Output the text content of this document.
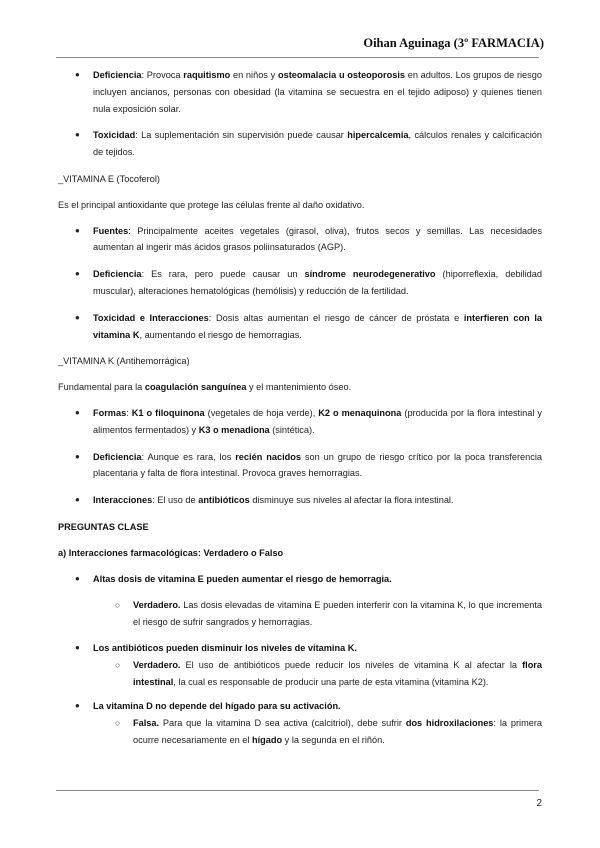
Oihan Aguinaga (3º FARMACIA)
● Deficiencia: Provoca raquitismo en niños y osteomalacia u osteoporosis en adultos. Los grupos de riesgo incluyen ancianos, personas con obesidad (la vitamina se secuestra en el tejido adiposo) y quienes tienen nula exposición solar.
● Toxicidad: La suplementación sin supervisión puede causar hipercalcemia, cálculos renales y calcificación de tejidos.

_VITAMINA E (Tocoferol)

Es el principal antioxidante que protege las células frente al daño oxidativo.

● Fuentes: Principalmente aceites vegetales (girasol, oliva), frutos secos y semillas. Las necesidades aumentan al ingerir más ácidos grasos poliinsaturados (AGP).
● Deficiencia: Es rara, pero puede causar un síndrome neurodegenerativo (hiporreflexia, debilidad muscular), alteraciones hematológicas (hemólisis) y reducción de la fertilidad.
● Toxicidad e Interacciones: Dosis altas aumentan el riesgo de cáncer de próstata e interfieren con la vitamina K, aumentando el riesgo de hemorragias.

_VITAMINA K (Antihemorrágica)

Fundamental para la coagulación sanguínea y el mantenimiento óseo.

● Formas: K1 o filoquinona (vegetales de hoja verde), K2 o menaquinona (producida por la flora intestinal y alimentos fermentados) y K3 o menadiona (sintética).
● Deficiencia: Aunque es rara, los recién nacidos son un grupo de riesgo crítico por la poca transferencia placentaria y falta de flora intestinal. Provoca graves hemorragias.
● Interacciones: El uso de antibióticos disminuye sus niveles al afectar la flora intestinal.

PREGUNTAS CLASE

a) Interacciones farmacológicas: Verdadero o Falso

● Altas dosis de vitamina E pueden aumentar el riesgo de hemorragia.
○ Verdadero. Las dosis elevadas de vitamina E pueden interferir con la vitamina K, lo que incrementa el riesgo de sufrir sangrados y hemorragias.
● Los antibióticos pueden disminuir los niveles de vitamina K.
○ Verdadero. El uso de antibióticos puede reducir los niveles de vitamina K al afectar la flora intestinal, la cual es responsable de producir una parte de esta vitamina (vitamina K2).
● La vitamina D no depende del hígado para su activación.
○ Falsa. Para que la vitamina D sea activa (calcitriol), debe sufrir dos hidroxilaciones: la primera ocurre necesariamente en el hígado y la segunda en el riñón.
2
